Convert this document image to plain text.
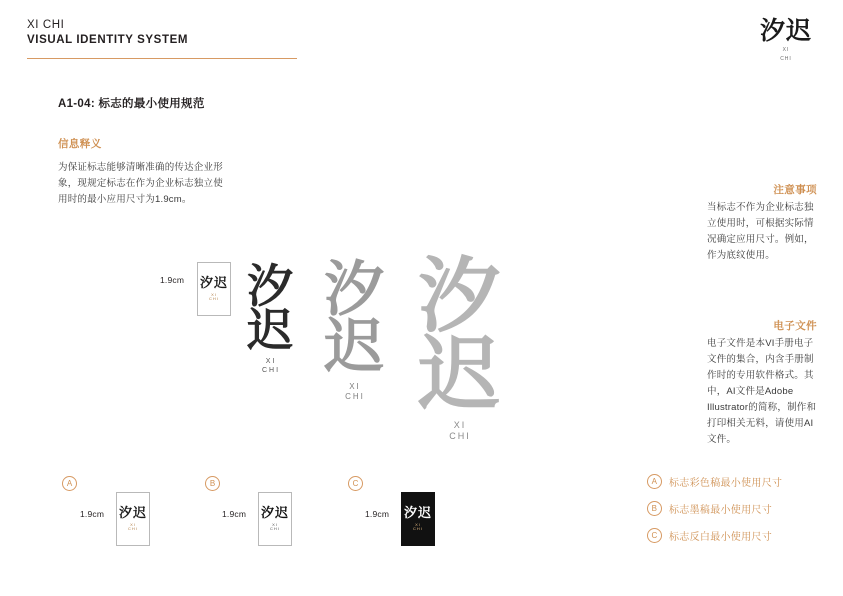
XI CHI
VISUAL IDENTITY SYSTEM	汐迟
XI
CHI
A1-04: 标志的最小使用规范
信息释义
为保证标志能够清晰准确的传达企业形象，现规定标志在作为企业标志独立使用时的最小应用尺寸为1.9cm。
注意事项
当标志不作为企业标志独立使用时，可根据实际情况确定应用尺寸。例如，作为底纹使用。
电子文件
电子文件是本VI手册电子文件的集合，内含手册制作时的专用软件格式。其中，AI文件是Adobe Illustrator的简称，制作和打印相关无料，请使用AI文件。
1.9cm 汐迟
XI
CHI 汐迟
XI
CHI
汐迟
XI
CHI
汐迟
XI
CHI
A
1.9cm 汐迟
XI
CHI
B
1.9cm 汐迟
XI
CHI
C
1.9cm 汐迟
XI
CHI
A	标志彩色稿最小使用尺寸
B	标志墨稿最小使用尺寸
C	标志反白最小使用尺寸
